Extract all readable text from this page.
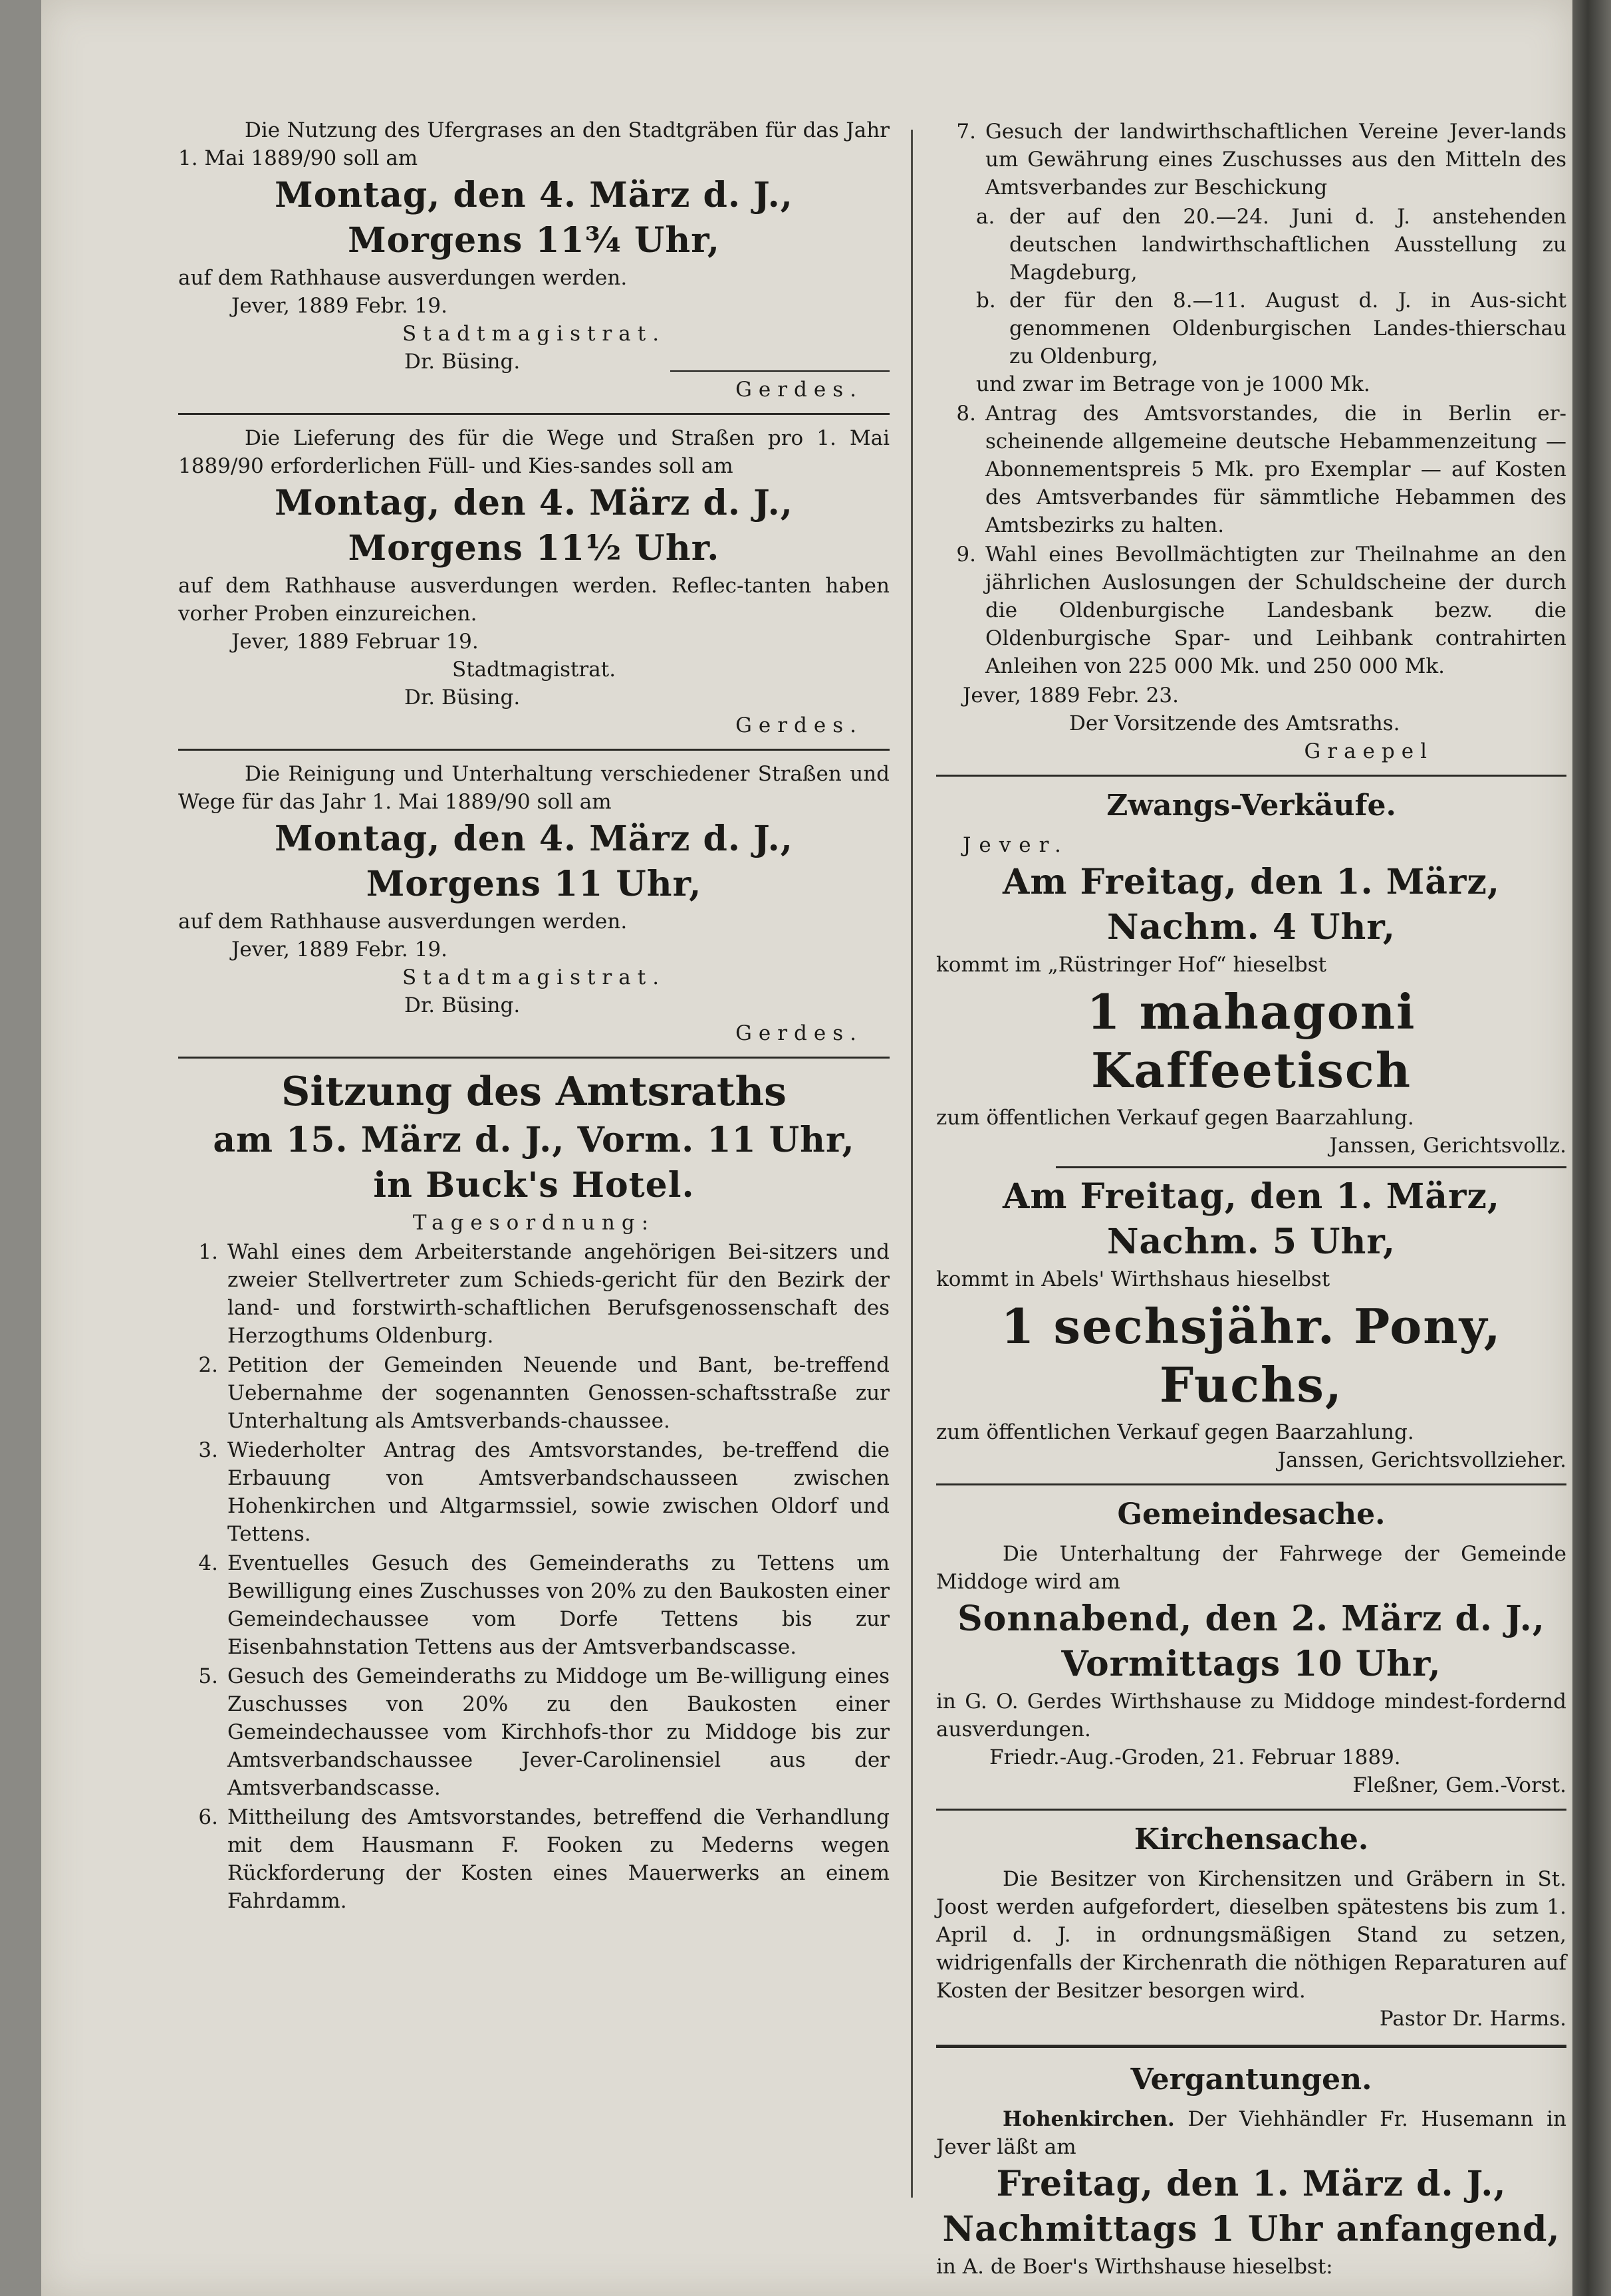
Die Nutzung des Ufergrases an den Stadtgräben für das Jahr 1. Mai 1889/90 soll am

Montag, den 4. März d. J.,

Morgens 11¾ Uhr,

auf dem Rathhause ausverdungen werden.

Jever, 1889 Febr. 19.

Stadtmagistrat.

Dr. Büsing.

Gerdes.

Die Lieferung des für die Wege und Straßen pro 1. Mai 1889/90 erforderlichen Füll- und Kies-sandes soll am

Montag, den 4. März d. J.,

Morgens 11½ Uhr.

auf dem Rathhause ausverdungen werden. Reflec-tanten haben vorher Proben einzureichen.

Jever, 1889 Februar 19.

Stadtmagistrat.

Dr. Büsing.

Gerdes.

Die Reinigung und Unterhaltung verschiedener Straßen und Wege für das Jahr 1. Mai 1889/90 soll am

Montag, den 4. März d. J.,

Morgens 11 Uhr,

auf dem Rathhause ausverdungen werden.

Jever, 1889 Febr. 19.

Stadtmagistrat.

Dr. Büsing.

Gerdes.

Sitzung des Amtsraths

am 15. März d. J., Vorm. 11 Uhr,

in Buck's Hotel.

Tagesordnung:

1. Wahl eines dem Arbeiterstande angehörigen Bei-sitzers und zweier Stellvertreter zum Schieds-gericht für den Bezirk der land- und forstwirth-schaftlichen Berufsgenossenschaft des Herzogthums Oldenburg.
2. Petition der Gemeinden Neuende und Bant, be-treffend Uebernahme der sogenannten Genossen-schaftsstraße zur Unterhaltung als Amtsverbands-chaussee.
3. Wiederholter Antrag des Amtsvorstandes, be-treffend die Erbauung von Amtsverbandschausseen zwischen Hohenkirchen und Altgarmssiel, sowie zwischen Oldorf und Tettens.
4. Eventuelles Gesuch des Gemeinderaths zu Tettens um Bewilligung eines Zuschusses von 20% zu den Baukosten einer Gemeindechaussee vom Dorfe Tettens bis zur Eisenbahnstation Tettens aus der Amtsverbandscasse.
5. Gesuch des Gemeinderaths zu Middoge um Be-willigung eines Zuschusses von 20% zu den Baukosten einer Gemeindechaussee vom Kirchhofs-thor zu Middoge bis zur Amtsverbandschaussee Jever-Carolinensiel aus der Amtsverbandscasse.
6. Mittheilung des Amtsvorstandes, betreffend die Verhandlung mit dem Hausmann F. Fooken zu Mederns wegen Rückforderung der Kosten eines Mauerwerks an einem Fahrdamm.
7. Gesuch der landwirthschaftlichen Vereine Jever-lands um Gewährung eines Zuschusses aus den Mitteln des Amtsverbandes zur Beschickung
a. der auf den 20.—24. Juni d. J. anstehenden deutschen landwirthschaftlichen Ausstellung zu Magdeburg,
b. der für den 8.—11. August d. J. in Aus-sicht genommenen Oldenburgischen Landes-thierschau zu Oldenburg,

und zwar im Betrage von je 1000 Mk.

8. Antrag des Amtsvorstandes, die in Berlin er-scheinende allgemeine deutsche Hebammenzeitung — Abonnementspreis 5 Mk. pro Exemplar — auf Kosten des Amtsverbandes für sämmtliche Hebammen des Amtsbezirks zu halten.
9. Wahl eines Bevollmächtigten zur Theilnahme an den jährlichen Auslosungen der Schuldscheine der durch die Oldenburgische Landesbank bezw. die Oldenburgische Spar- und Leihbank contrahirten Anleihen von 225 000 Mk. und 250 000 Mk.

Jever, 1889 Febr. 23.

Der Vorsitzende des Amtsraths.

Graepel

Zwangs-Verkäufe.

Jever.

Am Freitag, den 1. März,

Nachm. 4 Uhr,

kommt im „Rüstringer Hof“ hieselbst

1 mahagoni Kaffeetisch

zum öffentlichen Verkauf gegen Baarzahlung.

Janssen, Gerichtsvollz.

Am Freitag, den 1. März,

Nachm. 5 Uhr,

kommt in Abels' Wirthshaus hieselbst

1 sechsjähr. Pony, Fuchs,

zum öffentlichen Verkauf gegen Baarzahlung.

Janssen, Gerichtsvollzieher.

Gemeindesache.

Die Unterhaltung der Fahrwege der Gemeinde Middoge wird am

Sonnabend, den 2. März d. J.,

Vormittags 10 Uhr,

in G. O. Gerdes Wirthshause zu Middoge mindest-fordernd ausverdungen.

Friedr.-Aug.-Groden, 21. Februar 1889.

Fleßner, Gem.-Vorst.

Kirchensache.

Die Besitzer von Kirchensitzen und Gräbern in St. Joost werden aufgefordert, dieselben spätestens bis zum 1. April d. J. in ordnungsmäßigen Stand zu setzen, widrigenfalls der Kirchenrath die nöthigen Reparaturen auf Kosten der Besitzer besorgen wird.

Pastor Dr. Harms.

Vergantungen.

Hohenkirchen. Der Viehhändler Fr. Husemann in Jever läßt am

Freitag, den 1. März d. J.,

Nachmittags 1 Uhr anfangend,

in A. de Boer's Wirthshause hieselbst:
